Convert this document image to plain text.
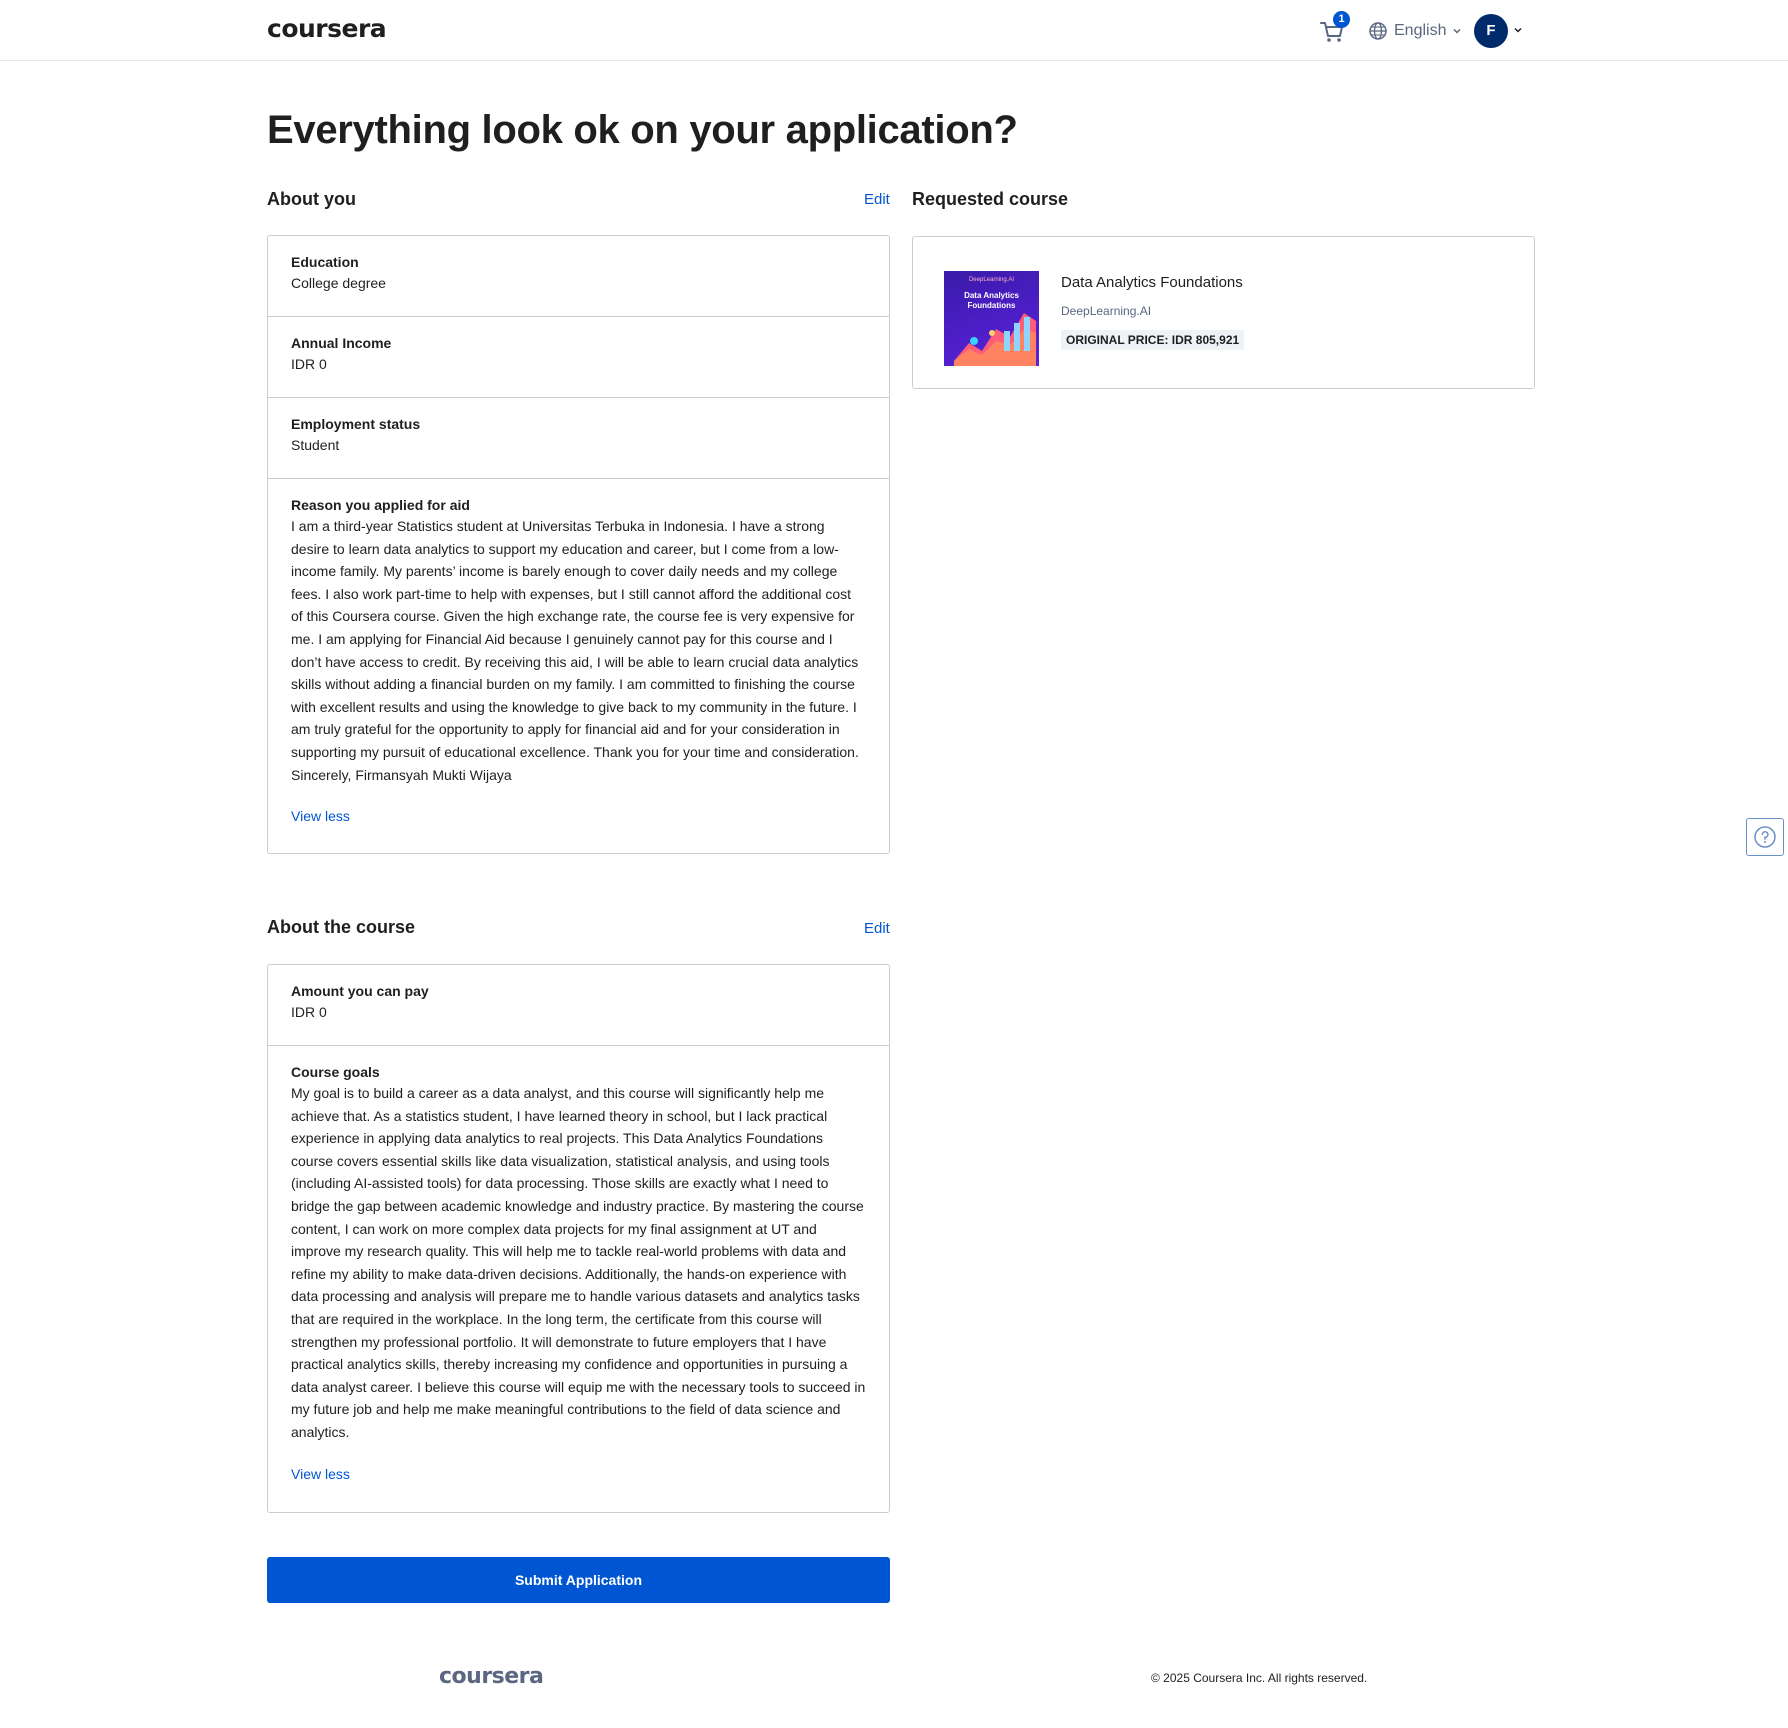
coursera	1
English	F
Everything look ok on your application?
About you	Edit
Education
College degree
Annual Income
IDR 0
Employment status
Student
Reason you applied for aid
I am a third-year Statistics student at Universitas Terbuka in Indonesia. I have a strong desire to learn data analytics to support my education and career, but I come from a low-income family. My parents’ income is barely enough to cover daily needs and my college fees. I also work part-time to help with expenses, but I still cannot afford the additional cost of this Coursera course. Given the high exchange rate, the course fee is very expensive for me. I am applying for Financial Aid because I genuinely cannot pay for this course and I don’t have access to credit. By receiving this aid, I will be able to learn crucial data analytics skills without adding a financial burden on my family. I am committed to finishing the course with excellent results and using the knowledge to give back to my community in the future. I am truly grateful for the opportunity to apply for financial aid and for your consideration in supporting my pursuit of educational excellence. Thank you for your time and consideration. Sincerely, Firmansyah Mukti Wijaya
View less
About the course	Edit
Amount you can pay
IDR 0
Course goals
My goal is to build a career as a data analyst, and this course will significantly help me achieve that. As a statistics student, I have learned theory in school, but I lack practical experience in applying data analytics to real projects. This Data Analytics Foundations course covers essential skills like data visualization, statistical analysis, and using tools (including AI-assisted tools) for data processing. Those skills are exactly what I need to bridge the gap between academic knowledge and industry practice. By mastering the course content, I can work on more complex data projects for my final assignment at UT and improve my research quality. This will help me to tackle real-world problems with data and refine my ability to make data-driven decisions. Additionally, the hands-on experience with data processing and analysis will prepare me to handle various datasets and analytics tasks that are required in the workplace. In the long term, the certificate from this course will strengthen my professional portfolio. It will demonstrate to future employers that I have practical analytics skills, thereby increasing my confidence and opportunities in pursuing a data analyst career. I believe this course will equip me with the necessary tools to succeed in my future job and help me make meaningful contributions to the field of data science and analytics.
View less
Requested course
DeepLearning.AI
Data Analytics Foundations
Data Analytics Foundations
DeepLearning.AI
ORIGINAL PRICE: IDR 805,921
Submit Application
coursera	© 2025 Coursera Inc. All rights reserved.
